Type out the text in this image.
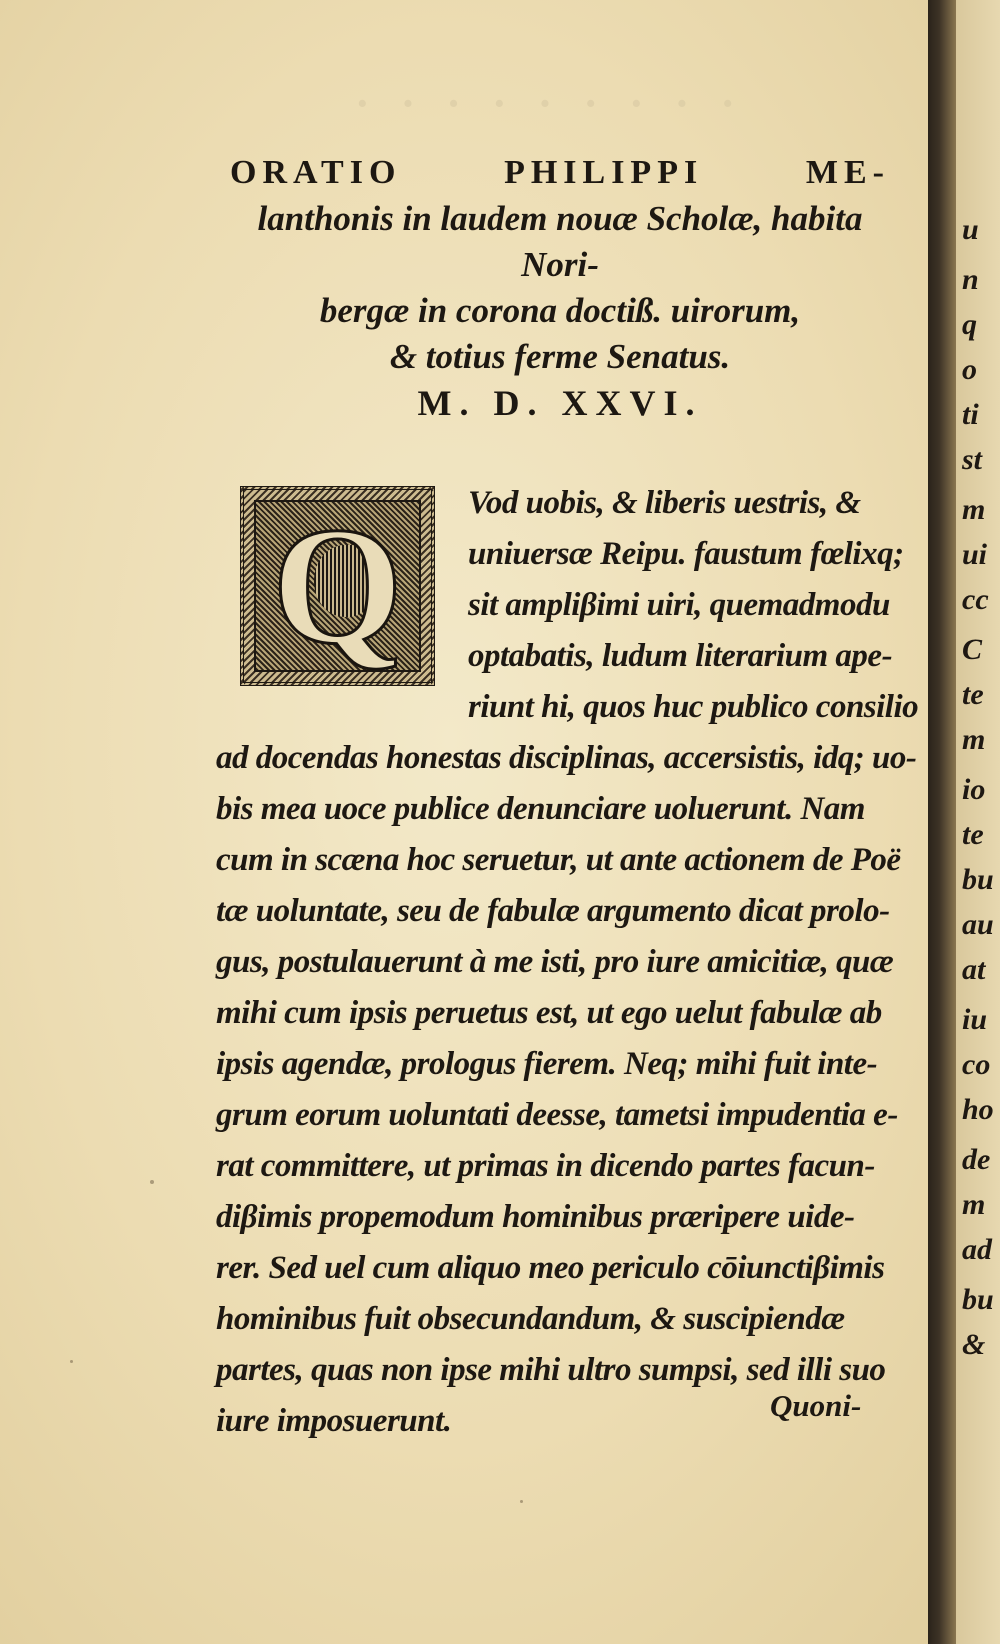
· · · · · · · · ·
ORATIO PHILIPPI ME-
lanthonis in laudem nouæ Scholæ, habita Nori-
bergæ in corona doctiß. uirorum,
& totius ferme Senatus.
M. D. XXVI.
Q	Vod uobis, & liberis uestris, &
uniuersæ Reipu. faustum fœlixq;
sit ampliβimi uiri, quemadmodu
optabatis, ludum literarium ape-
riunt hi, quos huc publico consilio
ad docendas honestas disciplinas, accersistis, idq; uo-
bis mea uoce publice denunciare uoluerunt. Nam
cum in scæna hoc seruetur, ut ante actionem de Poë
tæ uoluntate, seu de fabulæ argumento dicat prolo-
gus, postulauerunt à me isti, pro iure amicitiæ, quæ
mihi cum ipsis peruetus est, ut ego uelut fabulæ ab
ipsis agendæ, prologus fierem. Neq; mihi fuit inte-
grum eorum uoluntati deesse, tametsi impudentia e-
rat committere, ut primas in dicendo partes facun-
diβimis propemodum hominibus præripere uide-
rer. Sed uel cum aliquo meo periculo cōiunctiβimis
hominibus fuit obsecundandum, & suscipiendæ
partes, quas non ipse mihi ultro sumpsi, sed illi suo
iure imposuerunt.	Quoni-
u
n
q
o
ti
st
m
ui
cc
C
te
m
io
te
bu
au
at
iu
co
ho
de
m
ad
bu
&
